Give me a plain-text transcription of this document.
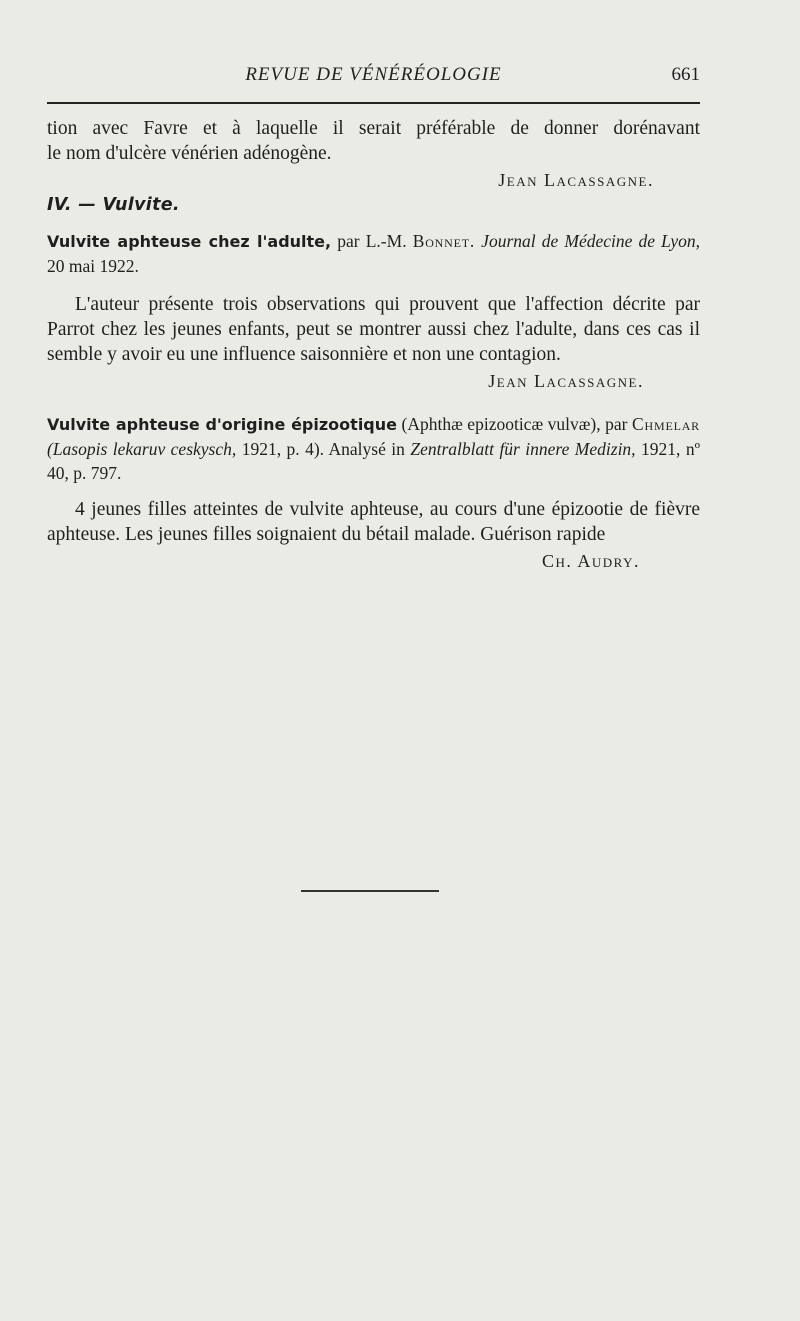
REVUE DE VÉNÉRÉOLOGIE	661

tion avec Favre et à laquelle il serait préférable de donner dorénavant

le nom d'ulcère vénérien adénogène.

Jean Lacassagne.

IV. — Vulvite.

Vulvite aphteuse chez l'adulte, par L.-M. Bonnet. Journal de Médecine de Lyon, 20 mai 1922.

L'auteur présente trois observations qui prouvent que l'affection décrite par Parrot chez les jeunes enfants, peut se montrer aussi chez l'adulte, dans ces cas il semble y avoir eu une influence saisonnière et non une contagion.

Jean Lacassagne.

Vulvite aphteuse d'origine épizootique (Aphthæ epizooticæ vulvæ), par Chmelar (Lasopis lekaruv ceskysch, 1921, p. 4). Analysé in Zentralblatt für innere Medizin, 1921, nº 40, p. 797.

4 jeunes filles atteintes de vulvite aphteuse, au cours d'une épizootie de fièvre aphteuse. Les jeunes filles soignaient du bétail malade. Guérison rapide

Ch. Audry.
